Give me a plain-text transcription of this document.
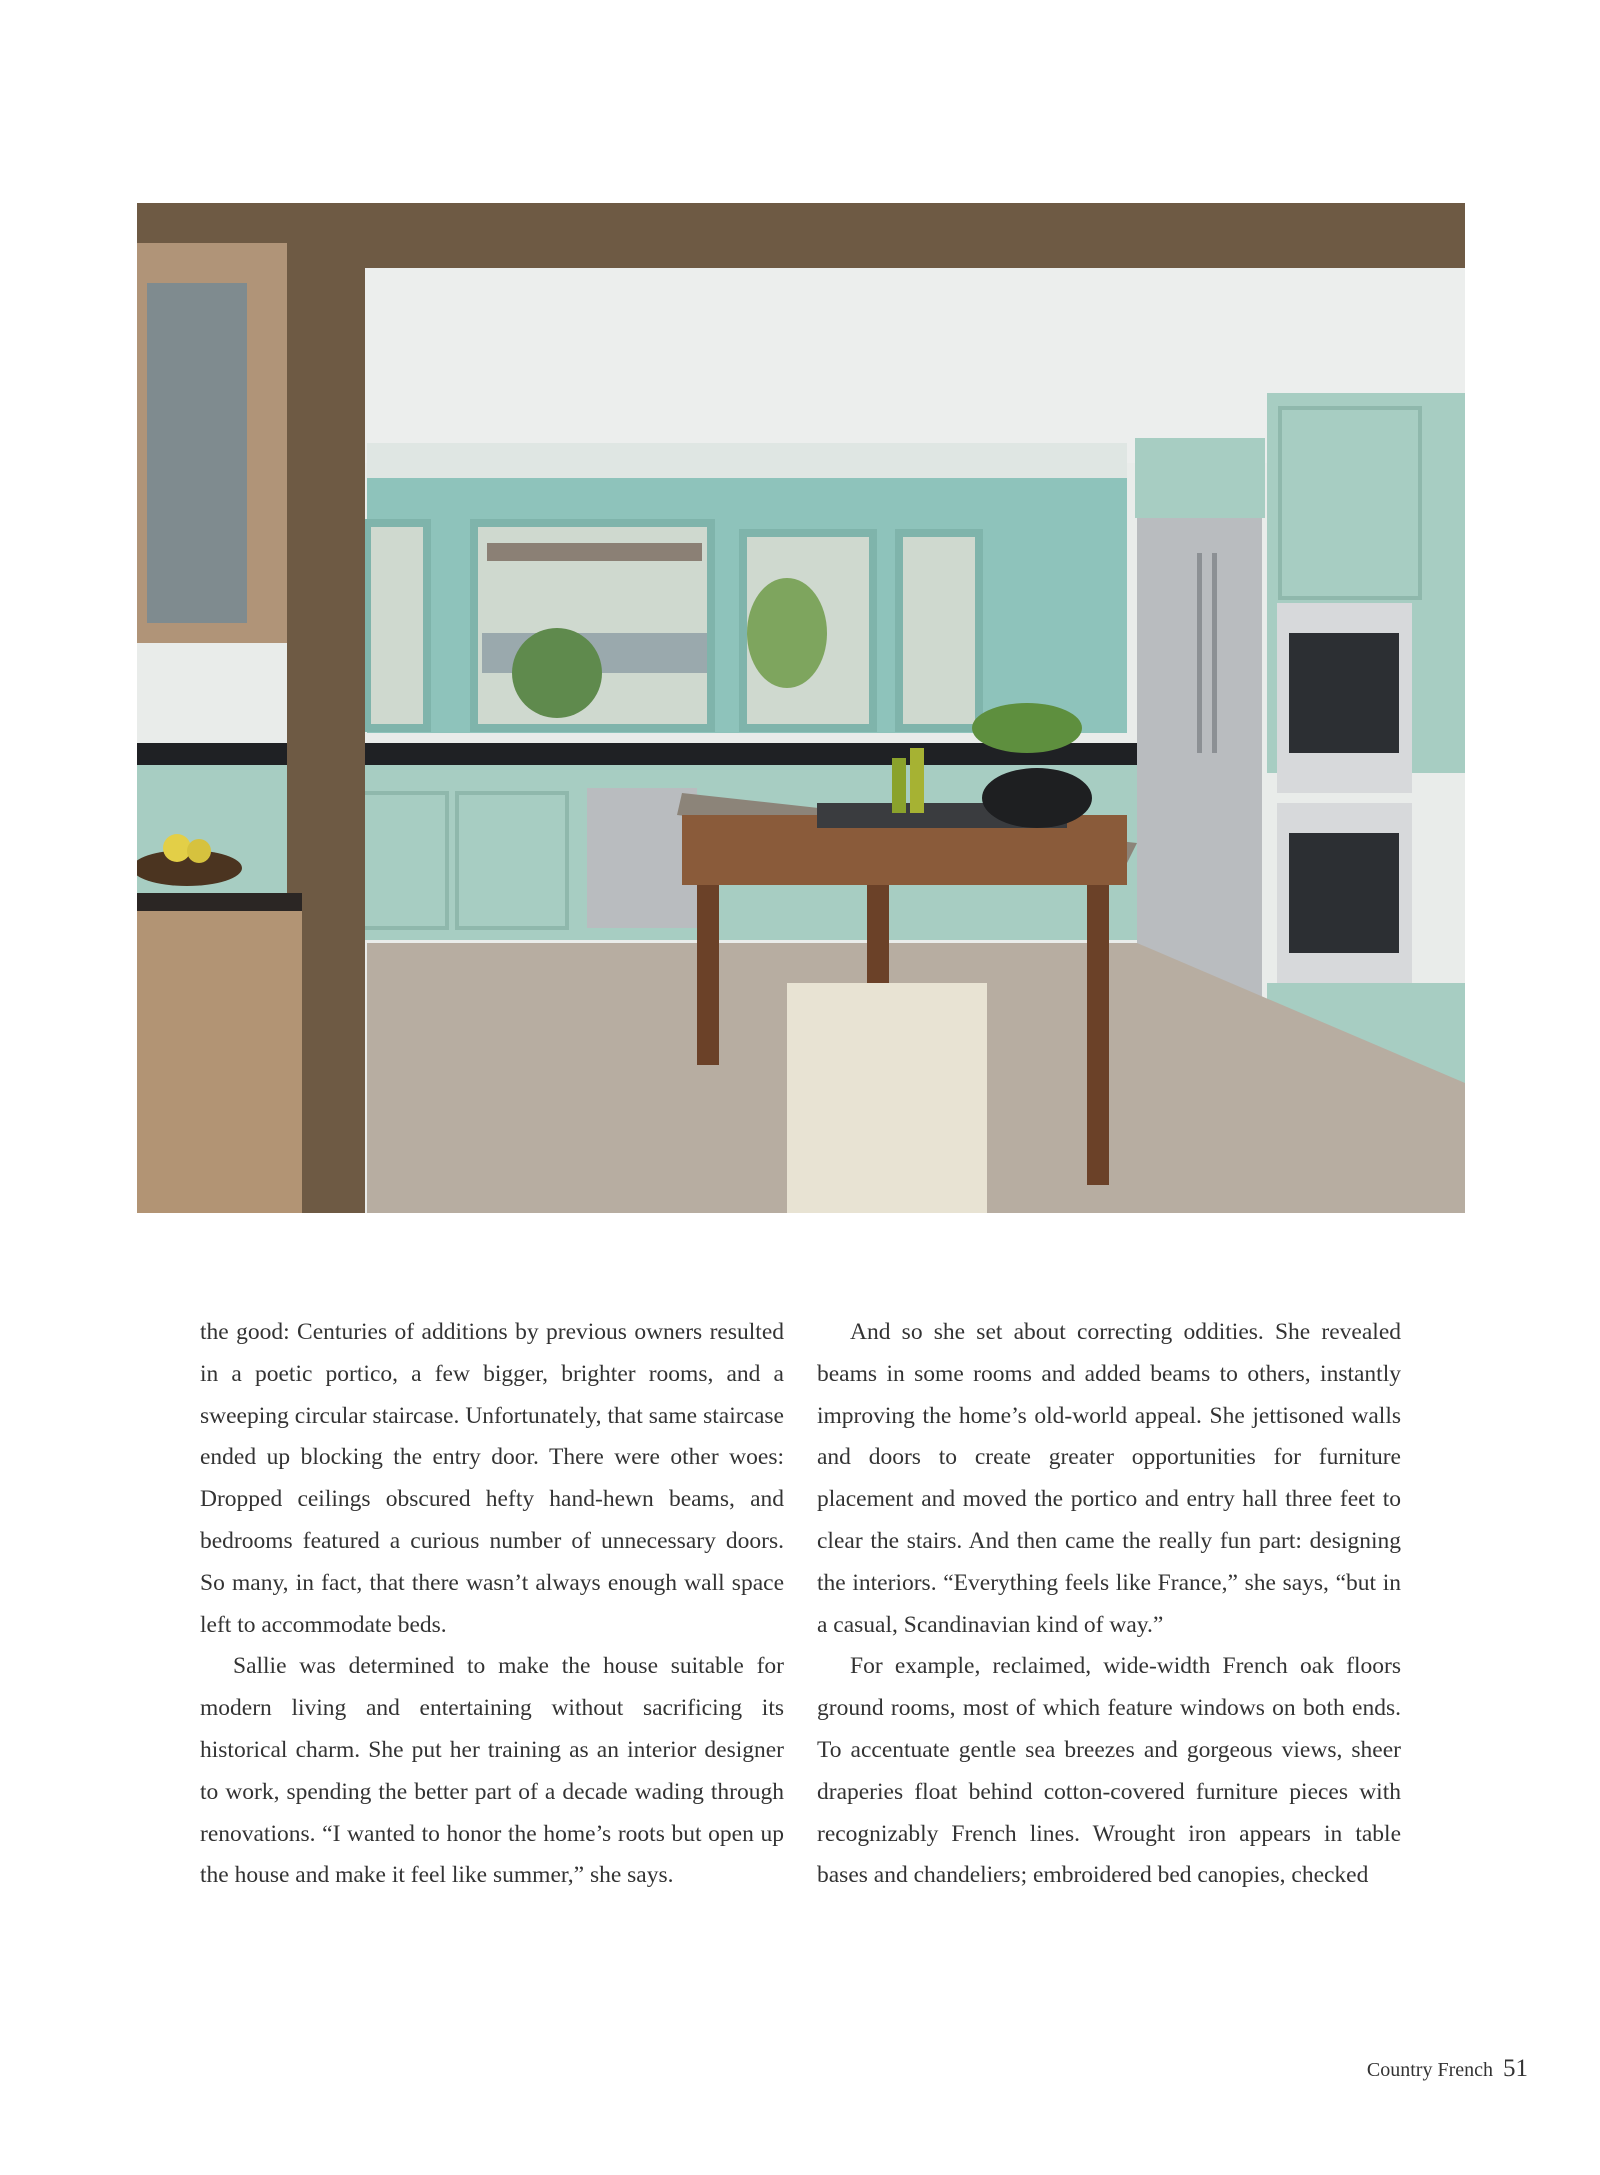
the good: Centuries of additions by previous owners resulted in a poetic portico, a few bigger, brighter rooms, and a sweeping circular staircase. Unfortunately, that same staircase ended up blocking the entry door. There were other woes: Dropped ceilings obscured hefty hand-hewn beams, and bedrooms featured a curious number of unnecessary doors. So many, in fact, that there wasn’t always enough wall space left to accommodate beds.

Sallie was determined to make the house suitable for modern living and entertaining without sacrificing its historical charm. She put her training as an interior designer to work, spending the better part of a decade wading through renovations. “I wanted to honor the home’s roots but open up the house and make it feel like summer,” she says.

And so she set about correcting oddities. She revealed beams in some rooms and added beams to others, instantly improving the home’s old-world appeal. She jettisoned walls and doors to create greater opportunities for furniture placement and moved the portico and entry hall three feet to clear the stairs. And then came the really fun part: designing the interiors. “Everything feels like France,” she says, “but in a casual, Scandinavian kind of way.”

For example, reclaimed, wide-width French oak floors ground rooms, most of which feature windows on both ends. To accentuate gentle sea breezes and gorgeous views, sheer draperies float behind cotton-covered furniture pieces with recognizably French lines. Wrought iron appears in table bases and chandeliers; embroidered bed canopies, checked

Country French 51
